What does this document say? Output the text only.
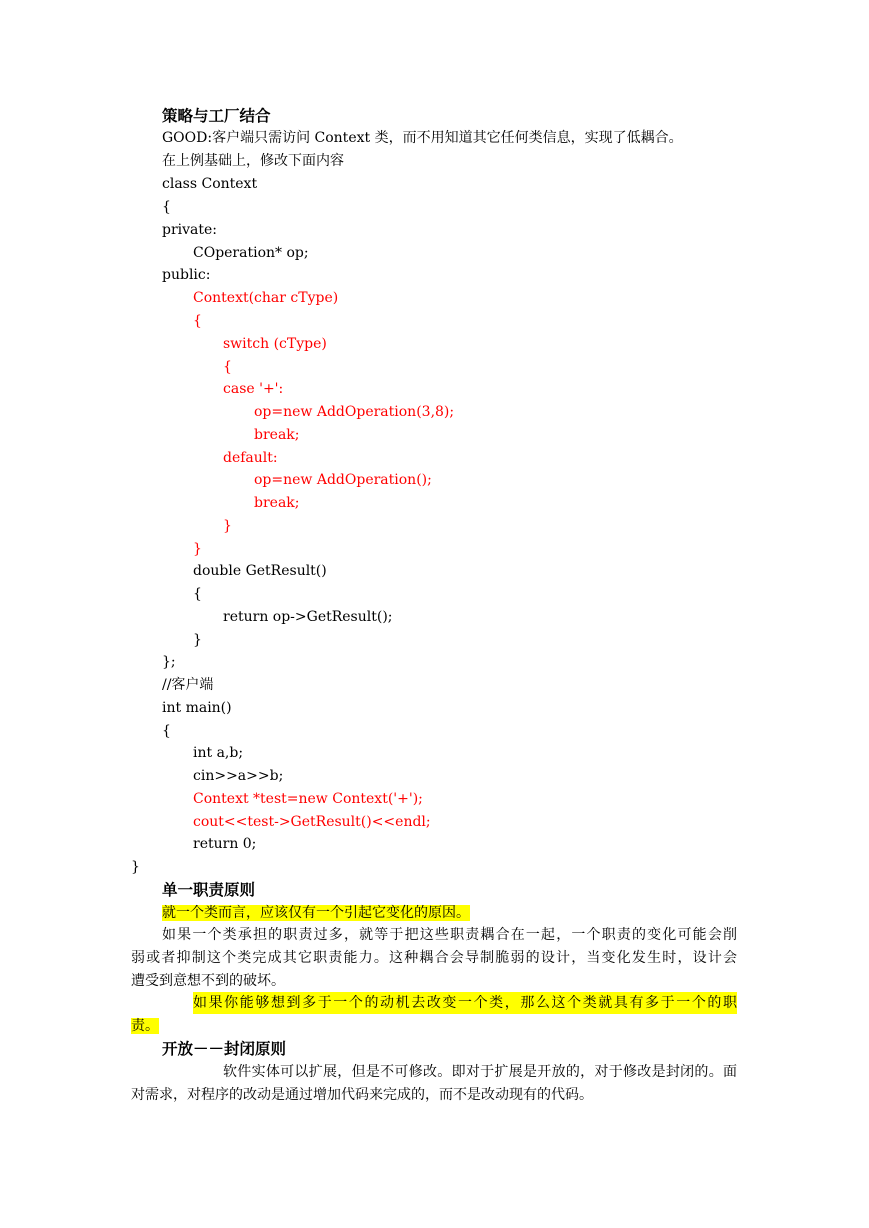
策略与工厂结合
GOOD:客户端只需访问 Context 类，而不用知道其它任何类信息，实现了低耦合。
在上例基础上，修改下面内容
class Context
{
private:
COperation* op;
public:
Context(char cType)
{
switch (cType)
{
case '+':
op=new AddOperation(3,8);
break;
default:
op=new AddOperation();
break;
}
}
double GetResult()
{
return op->GetResult();
}
};
//客户端
int main()
{
int a,b;
cin>>a>>b;
Context *test=new Context('+');
cout<<test->GetResult()<<endl;
return 0;
}
单一职责原则
就一个类而言，应该仅有一个引起它变化的原因。
如果一个类承担的职责过多，就等于把这些职责耦合在一起，一个职责的变化可能会削
弱或者抑制这个类完成其它职责能力。这种耦合会导制脆弱的设计，当变化发生时，设计会
遭受到意想不到的破坏。
如果你能够想到多于一个的动机去改变一个类，那么这个类就具有多于一个的职
责。
开放－－封闭原则
软件实体可以扩展，但是不可修改。即对于扩展是开放的，对于修改是封闭的。面
对需求，对程序的改动是通过增加代码来完成的，而不是改动现有的代码。
